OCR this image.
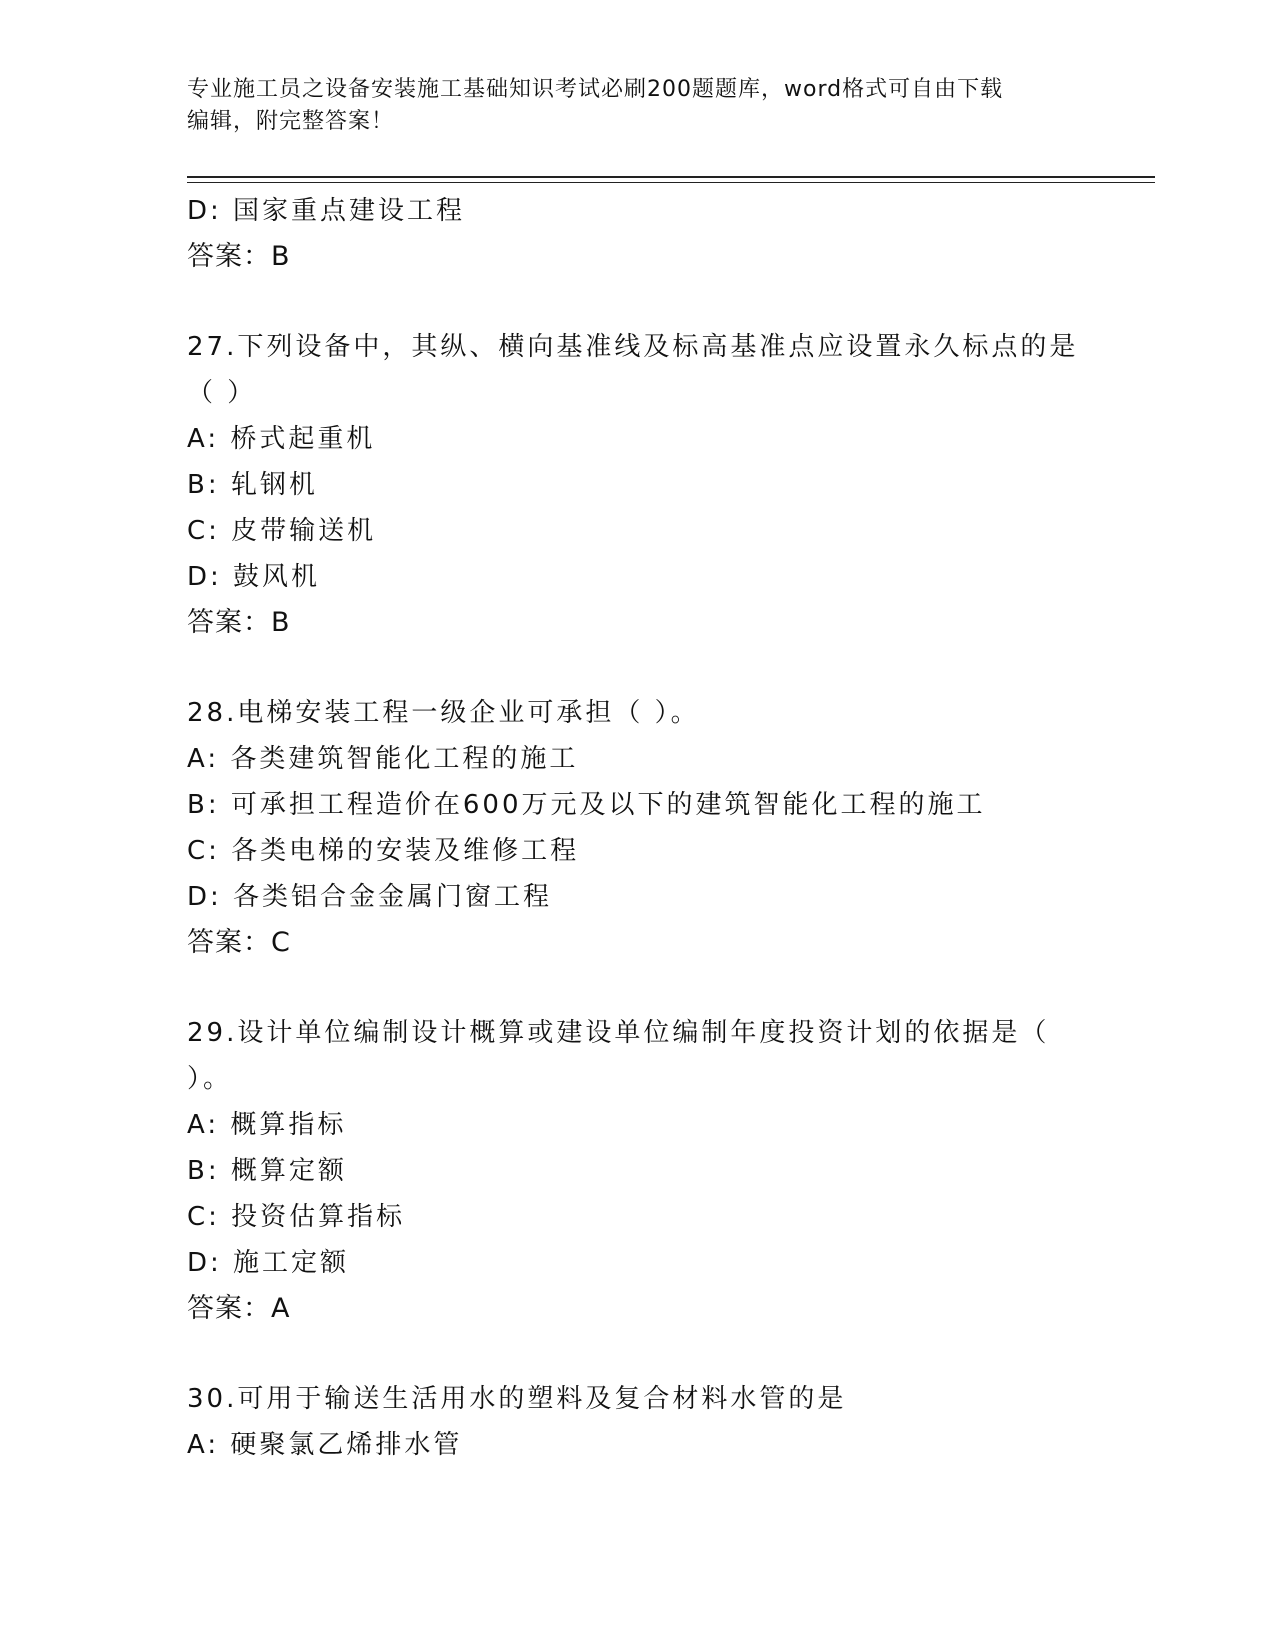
专业施工员之设备安装施工基础知识考试必刷200题题库，word格式可自由下载
编辑，附完整答案！
D: 国家重点建设工程
答案：B
27.下列设备中，其纵、横向基准线及标高基准点应设置永久标点的是
（ ）
A: 桥式起重机
B: 轧钢机
C: 皮带输送机
D: 鼓风机
答案：B
28.电梯安装工程一级企业可承担（ ）。
A: 各类建筑智能化工程的施工
B: 可承担工程造价在600万元及以下的建筑智能化工程的施工
C: 各类电梯的安装及维修工程
D: 各类铝合金金属门窗工程
答案：C
29.设计单位编制设计概算或建设单位编制年度投资计划的依据是（
）。
A: 概算指标
B: 概算定额
C: 投资估算指标
D: 施工定额
答案：A
30.可用于输送生活用水的塑料及复合材料水管的是
A: 硬聚氯乙烯排水管
